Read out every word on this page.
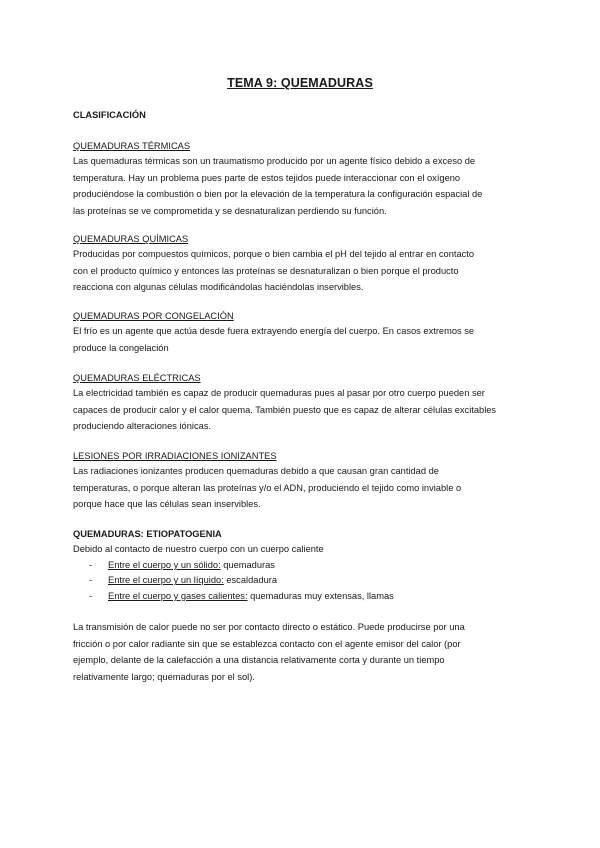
TEMA 9: QUEMADURAS
CLASIFICACIÓN
QUEMADURAS TÉRMICAS

Las quemaduras térmicas son un traumatismo producido por un agente físico debido a exceso de
temperatura. Hay un problema pues parte de estos tejidos puede interaccionar con el oxígeno
produciéndose la combustión o bien por la elevación de la temperatura la configuración espacial de
las proteínas se ve comprometida y se desnaturalizan perdiendo su función.

QUEMADURAS QUÍMICAS

Producidas por compuestos químicos, porque o bien cambia el pH del tejido al entrar en contacto
con el producto químico y entonces las proteínas se desnaturalizan o bien porque el producto
reacciona con algunas células modificándolas haciéndolas inservibles.

QUEMADURAS POR CONGELACIÓN

El frío es un agente que actúa desde fuera extrayendo energía del cuerpo. En casos extremos se
produce la congelación

QUEMADURAS ELÉCTRICAS

La electricidad también es capaz de producir quemaduras pues al pasar por otro cuerpo pueden ser
capaces de producir calor y el calor quema. También puesto que es capaz de alterar células excitables
produciendo alteraciones iónicas.

LESIONES POR IRRADIACIONES IONIZANTES

Las radiaciones ionizantes producen quemaduras debido a que causan gran cantidad de
temperaturas, o porque alteran las proteínas y/o el ADN, produciendo el tejido como inviable o
porque hace que las células sean inservibles.

QUEMADURAS: ETIOPATOGENIA

Debido al contacto de nuestro cuerpo con un cuerpo caliente

- Entre el cuerpo y un sólido: quemaduras
- Entre el cuerpo y un líquido: escaldadura
- Entre el cuerpo y gases calientes: quemaduras muy extensas, llamas

La transmisión de calor puede no ser por contacto directo o estático. Puede producirse por una
fricción o por calor radiante sin que se establezca contacto con el agente emisor del calor (por
ejemplo, delante de la calefacción a una distancia relativamente corta y durante un tiempo
relativamente largo; quemaduras por el sol).
